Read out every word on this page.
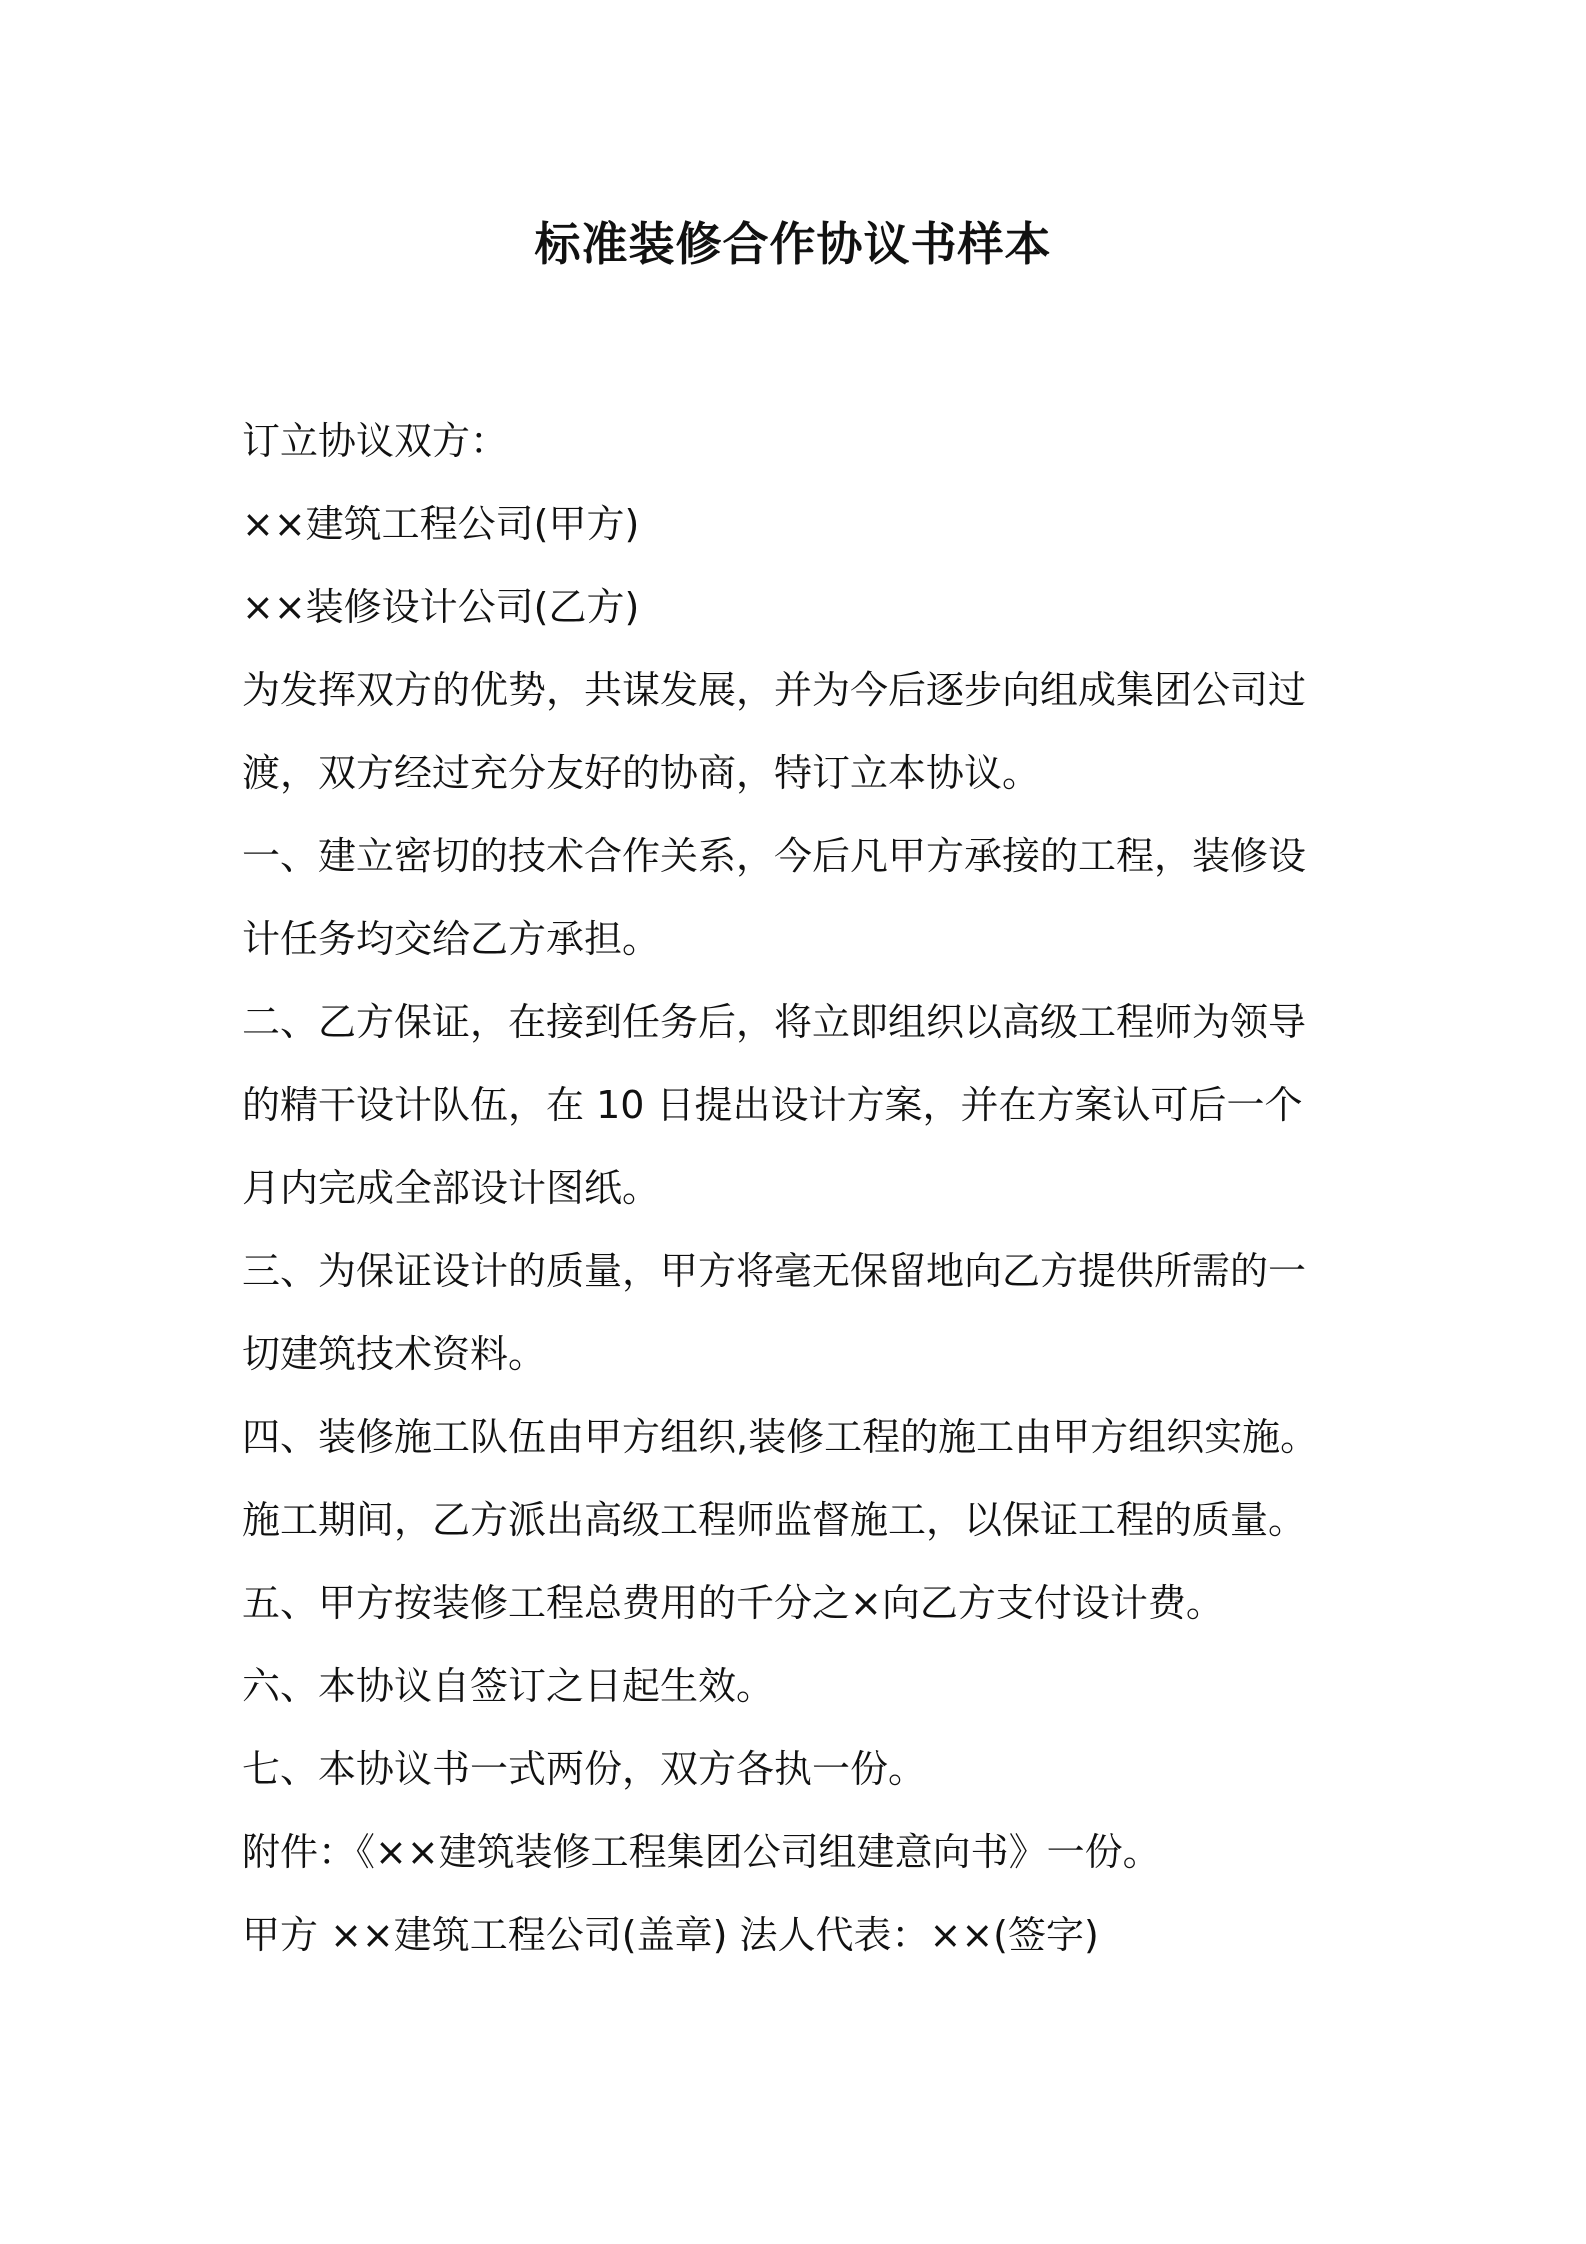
标准装修合作协议书样本
订立协议双方：
××建筑工程公司(甲方)
××装修设计公司(乙方)
为发挥双方的优势，共谋发展，并为今后逐步向组成集团公司过
渡，双方经过充分友好的协商，特订立本协议。
一、建立密切的技术合作关系，今后凡甲方承接的工程，装修设
计任务均交给乙方承担。
二、乙方保证，在接到任务后，将立即组织以高级工程师为领导
的精干设计队伍，在 10 日提出设计方案，并在方案认可后一个
月内完成全部设计图纸。
三、为保证设计的质量，甲方将毫无保留地向乙方提供所需的一
切建筑技术资料。
四、装修施工队伍由甲方组织,装修工程的施工由甲方组织实施。
施工期间，乙方派出高级工程师监督施工，以保证工程的质量。
五、甲方按装修工程总费用的千分之×向乙方支付设计费。
六、本协议自签订之日起生效。
七、本协议书一式两份，双方各执一份。
附件：《××建筑装修工程集团公司组建意向书》一份。
甲方 ××建筑工程公司(盖章) 法人代表：××(签字)
